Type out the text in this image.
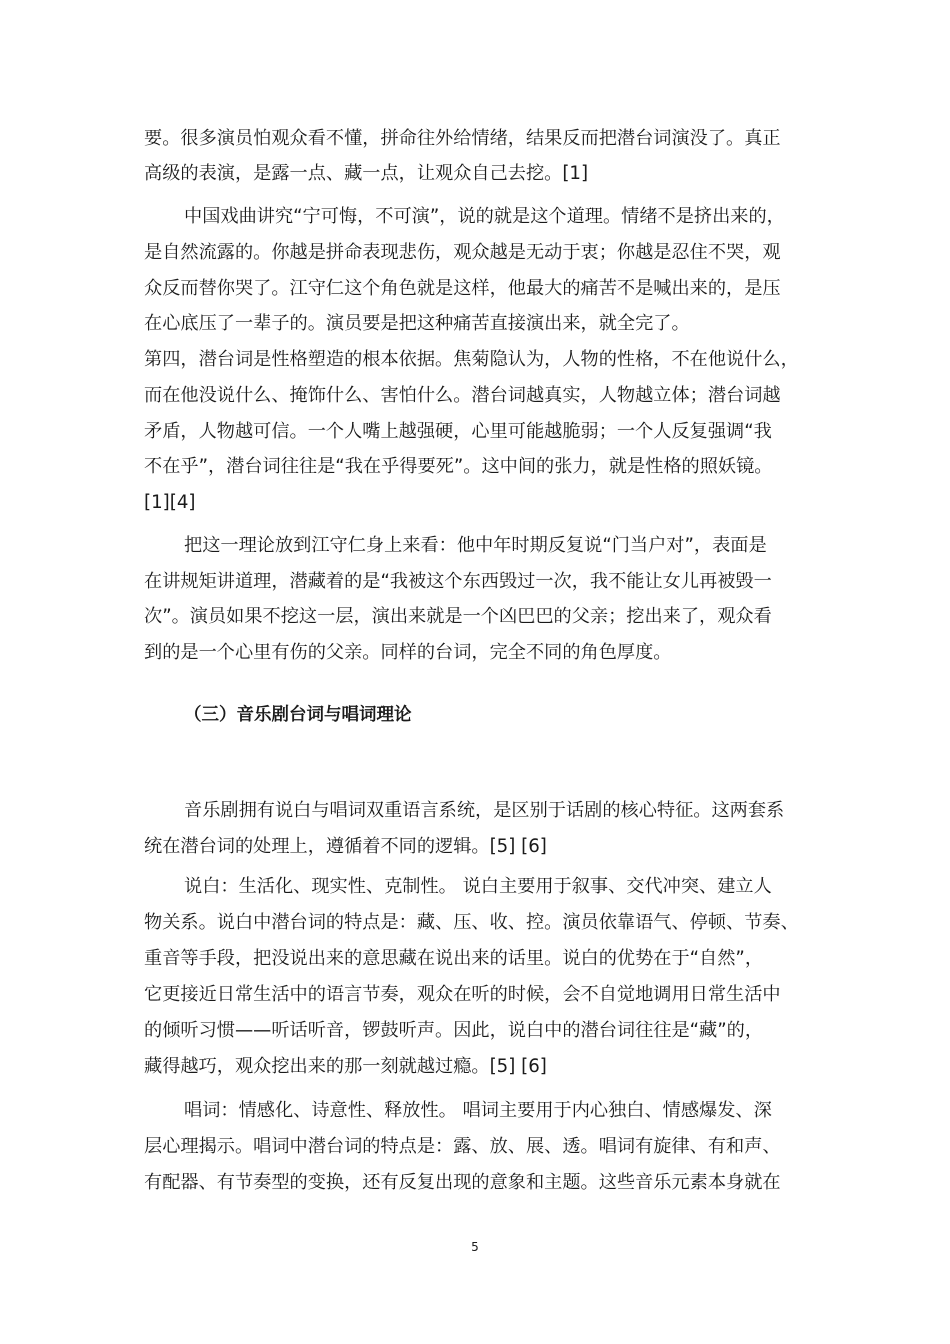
要。很多演员怕观众看不懂，拼命往外给情绪，结果反而把潜台词演没了。真正
高级的表演，是露一点、藏一点，让观众自己去挖。[1]
中国戏曲讲究“宁可悔，不可演”，说的就是这个道理。情绪不是挤出来的，
是自然流露的。你越是拼命表现悲伤，观众越是无动于衷；你越是忍住不哭，观
众反而替你哭了。江守仁这个角色就是这样，他最大的痛苦不是喊出来的，是压
在心底压了一辈子的。演员要是把这种痛苦直接演出来，就全完了。
第四，潜台词是性格塑造的根本依据。焦菊隐认为，人物的性格，不在他说什么，
而在他没说什么、掩饰什么、害怕什么。潜台词越真实，人物越立体；潜台词越
矛盾，人物越可信。一个人嘴上越强硬，心里可能越脆弱；一个人反复强调“我
不在乎”，潜台词往往是“我在乎得要死”。这中间的张力，就是性格的照妖镜。
[1][4]
把这一理论放到江守仁身上来看：他中年时期反复说“门当户对”，表面是
在讲规矩讲道理，潜藏着的是“我被这个东西毁过一次，我不能让女儿再被毁一
次”。演员如果不挖这一层，演出来就是一个凶巴巴的父亲；挖出来了，观众看
到的是一个心里有伤的父亲。同样的台词，完全不同的角色厚度。
（三）音乐剧台词与唱词理论
音乐剧拥有说白与唱词双重语言系统，是区别于话剧的核心特征。这两套系
统在潜台词的处理上，遵循着不同的逻辑。[5] [6]
说白：生活化、现实性、克制性。 说白主要用于叙事、交代冲突、建立人
物关系。说白中潜台词的特点是：藏、压、收、控。演员依靠语气、停顿、节奏、
重音等手段，把没说出来的意思藏在说出来的话里。说白的优势在于“自然”，
它更接近日常生活中的语言节奏，观众在听的时候，会不自觉地调用日常生活中
的倾听习惯——听话听音，锣鼓听声。因此，说白中的潜台词往往是“藏”的，
藏得越巧，观众挖出来的那一刻就越过瘾。[5] [6]
唱词：情感化、诗意性、释放性。 唱词主要用于内心独白、情感爆发、深
层心理揭示。唱词中潜台词的特点是：露、放、展、透。唱词有旋律、有和声、
有配器、有节奏型的变换，还有反复出现的意象和主题。这些音乐元素本身就在
5
